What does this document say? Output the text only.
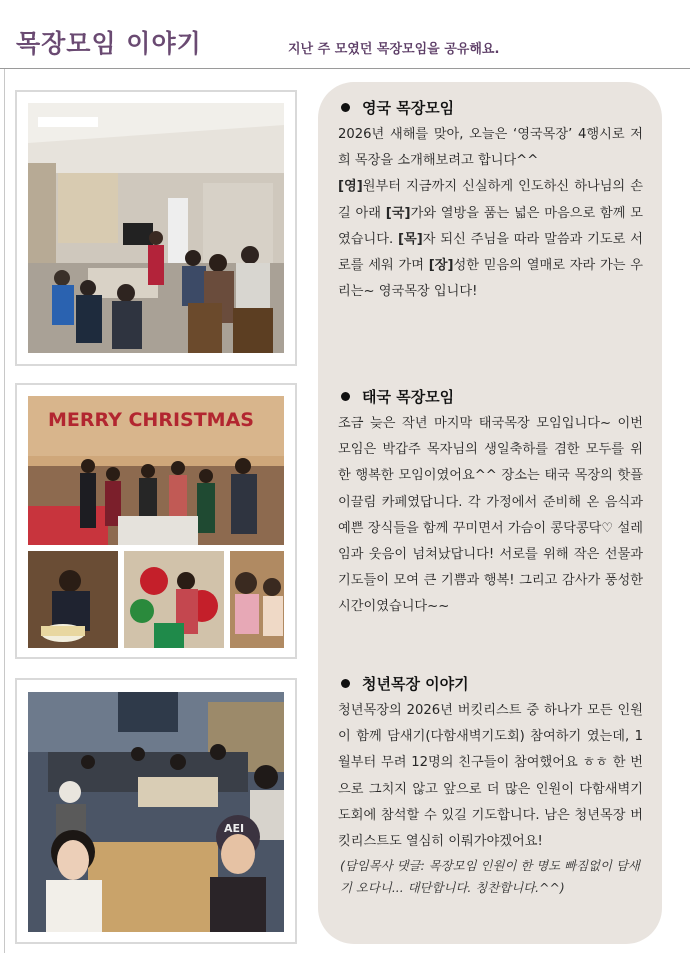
목장모임 이야기	지난 주 모였던 목장모임을 공유해요.
MERRY CHRISTMAS
AEI
영국 목장모임
2026년 새해를 맞아, 오늘은 ‘영국목장’ 4행시로 저희 목장을 소개해보려고 합니다^^
[영]원부터 지금까지 신실하게 인도하신 하나님의 손길 아래 [국]가와 열방을 품는 넓은 마음으로 함께 모였습니다. [목]자 되신 주님을 따라 말씀과 기도로 서로를 세워 가며 [장]성한 믿음의 열매로 자라 가는 우리는~ 영국목장 입니다!
태국 목장모임
조금 늦은 작년 마지막 태국목장 모임입니다~ 이번 모임은 박갑주 목자님의 생일축하를 겸한 모두를 위한 행복한 모임이였어요^^ 장소는 태국 목장의 핫플 이끌림 카페였답니다. 각 가정에서 준비해 온 음식과 예쁜 장식들을 함께 꾸미면서 가슴이 콩닥콩닥♡ 설레임과 웃음이 넘쳐났답니다! 서로를 위해 작은 선물과 기도들이 모여 큰 기쁨과 행복! 그리고 감사가 풍성한 시간이였습니다~~
청년목장 이야기
청년목장의 2026년 버킷리스트 중 하나가 모든 인원이 함께 담새기(다함새벽기도회) 참여하기 였는데, 1월부터 무려 12명의 친구들이 참여했어요 ㅎㅎ 한 번으로 그치지 않고 앞으로 더 많은 인원이 다함새벽기도회에 참석할 수 있길 기도합니다. 남은 청년목장 버킷리스트도 열심히 이뤄가야겠어요!
(담임목사 댓글: 목장모임 인원이 한 명도 빠짐없이 담새기 오다니... 대단합니다. 칭찬합니다.^^)
